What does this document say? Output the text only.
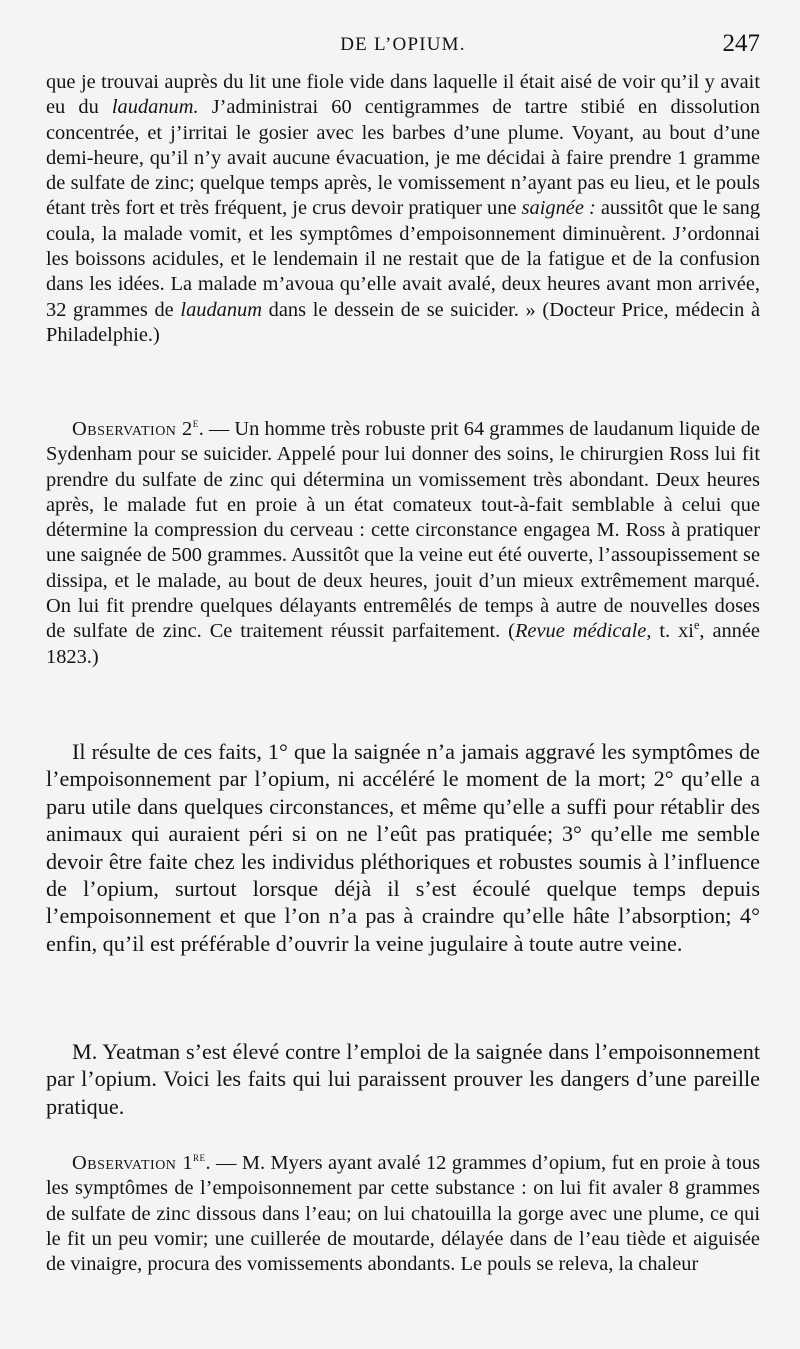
DE L’OPIUM.	247

que je trouvai auprès du lit une fiole vide dans laquelle il était aisé de voir qu’il y avait eu du laudanum. J’administrai 60 centigrammes de tartre stibié en dissolution concentrée, et j’irritai le gosier avec les barbes d’une plume. Voyant, au bout d’une demi-heure, qu’il n’y avait aucune évacuation, je me décidai à faire prendre 1 gramme de sulfate de zinc; quelque temps après, le vomissement n’ayant pas eu lieu, et le pouls étant très fort et très fréquent, je crus devoir pratiquer une saignée : aussitôt que le sang coula, la malade vomit, et les symptômes d’empoisonnement diminuèrent. J’ordonnai les boissons acidules, et le lendemain il ne restait que de la fatigue et de la confusion dans les idées. La malade m’avoua qu’elle avait avalé, deux heures avant mon arrivée, 32 grammes de laudanum dans le dessein de se suicider. » (Docteur Price, médecin à Philadelphie.)

Observation 2e. — Un homme très robuste prit 64 grammes de laudanum liquide de Sydenham pour se suicider. Appelé pour lui donner des soins, le chirurgien Ross lui fit prendre du sulfate de zinc qui détermina un vomissement très abondant. Deux heures après, le malade fut en proie à un état comateux tout-à-fait semblable à celui que détermine la compression du cerveau : cette circonstance engagea M. Ross à pratiquer une saignée de 500 grammes. Aussitôt que la veine eut été ouverte, l’assoupissement se dissipa, et le malade, au bout de deux heures, jouit d’un mieux extrêmement marqué. On lui fit prendre quelques délayants entremêlés de temps à autre de nouvelles doses de sulfate de zinc. Ce traitement réussit parfaitement. (Revue médicale, t. $xi^e$, année 1823.)

Il résulte de ces faits, 1° que la saignée n’a jamais aggravé les symptômes de l’empoisonnement par l’opium, ni accéléré le moment de la mort; 2° qu’elle a paru utile dans quelques circonstances, et même qu’elle a suffi pour rétablir des animaux qui auraient péri si on ne l’eût pas pratiquée; 3° qu’elle me semble devoir être faite chez les individus pléthoriques et robustes soumis à l’influence de l’opium, surtout lorsque déjà il s’est écoulé quelque temps depuis l’empoisonnement et que l’on n’a pas à craindre qu’elle hâte l’absorption; 4° enfin, qu’il est préférable d’ouvrir la veine jugulaire à toute autre veine.

M. Yeatman s’est élevé contre l’emploi de la saignée dans l’empoisonnement par l’opium. Voici les faits qui lui paraissent prouver les dangers d’une pareille pratique.

Observation 1re. — M. Myers ayant avalé 12 grammes d’opium, fut en proie à tous les symptômes de l’empoisonnement par cette substance : on lui fit avaler 8 grammes de sulfate de zinc dissous dans l’eau; on lui chatouilla la gorge avec une plume, ce qui le fit un peu vomir; une cuillerée de moutarde, délayée dans de l’eau tiède et aiguisée de vinaigre, procura des vomissements abondants. Le pouls se releva, la chaleur
